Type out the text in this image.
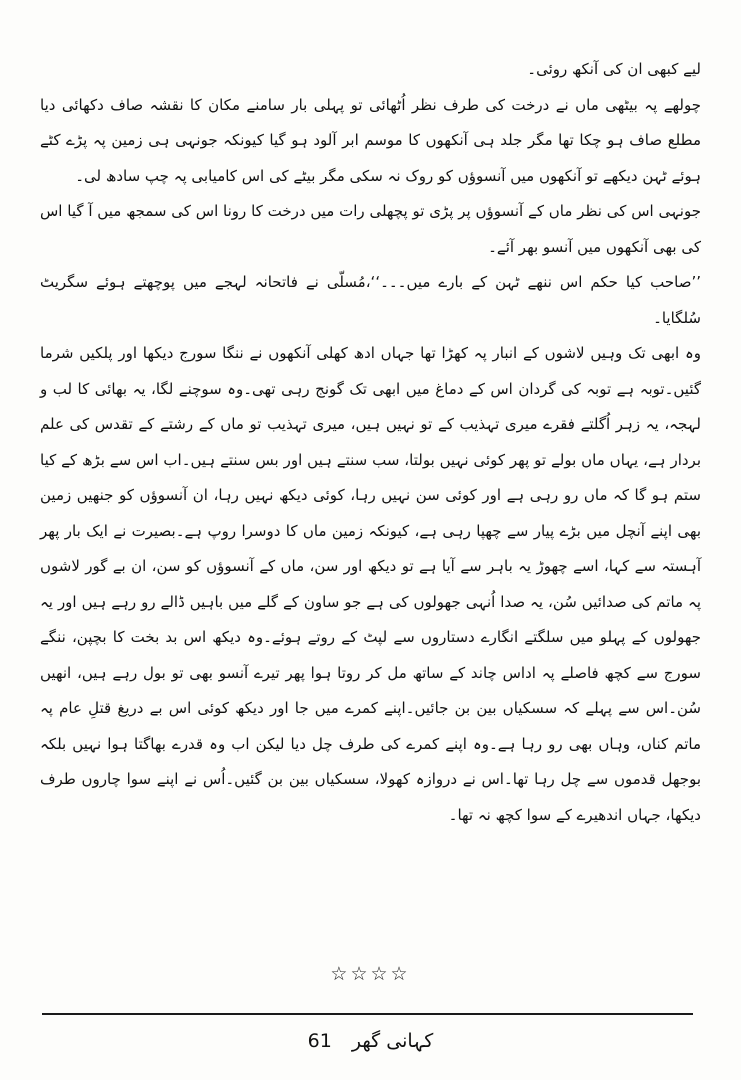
لیے کبھی ان کی آنکھ روئی۔

چولھے پہ بیٹھی ماں نے درخت کی طرف نظر اُٹھائی تو پہلی بار سامنے مکان کا نقشہ صاف دکھائی دیا مطلع صاف ہو چکا تھا مگر جلد ہی آنکھوں کا موسم ابر آلود ہو گیا کیونکہ جونہی ہی زمین پہ پڑے کٹے ہوئے ٹہن دیکھے تو آنکھوں میں آنسوؤں کو روک نہ سکی مگر بیٹے کی اس کامیابی پہ چپ سادھ لی۔

جونہی اس کی نظر ماں کے آنسوؤں پر پڑی تو پچھلی رات میں درخت کا رونا اس کی سمجھ میں آ گیا اس کی بھی آنکھوں میں آنسو بھر آئے۔

’’صاحب کیا حکم اس ننھے ٹہن کے بارے میں۔۔۔‘‘،مُسلّی نے فاتحانہ لہجے میں پوچھتے ہوئے سگریٹ سُلگایا۔

وہ ابھی تک وہیں لاشوں کے انبار پہ کھڑا تھا جہاں ادھ کھلی آنکھوں نے ننگا سورج دیکھا اور پلکیں شرما گئیں۔توبہ ہے توبہ کی گردان اس کے دماغ میں ابھی تک گونج رہی تھی۔وہ سوچنے لگا، یہ بھائی کا لب و لہجہ، یہ زہر اُگلتے فقرے میری تہذیب کے تو نہیں ہیں، میری تہذیب تو ماں کے رشتے کے تقدس کی علم بردار ہے، یہاں ماں بولے تو پھر کوئی نہیں بولتا، سب سنتے ہیں اور بس سنتے ہیں۔اب اس سے بڑھ کے کیا ستم ہو گا کہ ماں رو رہی ہے اور کوئی سن نہیں رہا، کوئی دیکھ نہیں رہا، ان آنسوؤں کو جنھیں زمین بھی اپنے آنچل میں بڑے پیار سے چھپا رہی ہے، کیونکہ زمین ماں کا دوسرا روپ ہے۔بصیرت نے ایک بار پھر آہستہ سے کہا، اسے چھوڑ یہ باہر سے آیا ہے تو دیکھ اور سن، ماں کے آنسوؤں کو سن، ان بے گور لاشوں پہ ماتم کی صدائیں سُن، یہ صدا اُنہی جھولوں کی ہے جو ساون کے گلے میں باہیں ڈالے رو رہے ہیں اور یہ جھولوں کے پہلو میں سلگتے انگارے دستاروں سے لپٹ کے روتے ہوئے۔وہ دیکھ اس بد بخت کا بچپن، ننگے سورج سے کچھ فاصلے پہ اداس چاند کے ساتھ مل کر روتا ہوا پھر تیرے آنسو بھی تو بول رہے ہیں، انھیں سُن۔اس سے پہلے کہ سسکیاں بین بن جائیں۔اپنے کمرے میں جا اور دیکھ کوئی اس بے دریغ قتلِ عام پہ ماتم کناں، وہاں بھی رو رہا ہے۔وہ اپنے کمرے کی طرف چل دیا لیکن اب وہ قدرے بھاگتا ہوا نہیں بلکہ بوجھل قدموں سے چل رہا تھا۔اس نے دروازہ کھولا، سسکیاں بین بن گئیں۔اُس نے اپنے سوا چاروں طرف دیکھا، جہاں اندھیرے کے سوا کچھ نہ تھا۔

☆☆☆☆
61 کہانی گھر
